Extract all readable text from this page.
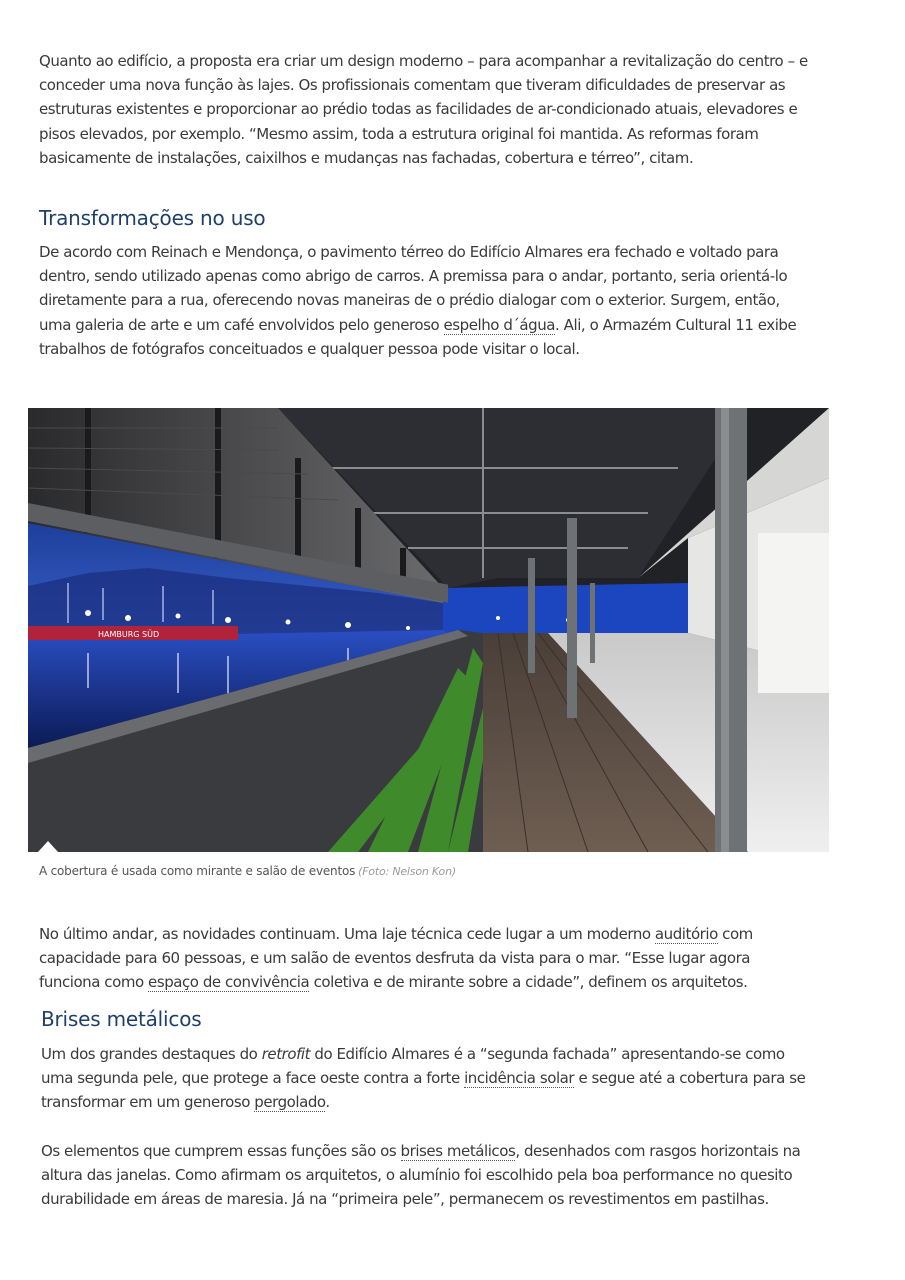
Quanto ao edifício, a proposta era criar um design moderno – para acompanhar a revitalização do centro – e conceder uma nova função às lajes. Os profissionais comentam que tiveram dificuldades de preservar as estruturas existentes e proporcionar ao prédio todas as facilidades de ar-condicionado atuais, elevadores e pisos elevados, por exemplo. “Mesmo assim, toda a estrutura original foi mantida. As reformas foram basicamente de instalações, caixilhos e mudanças nas fachadas, cobertura e térreo”, citam.

Transformações no uso

De acordo com Reinach e Mendonça, o pavimento térreo do Edifício Almares era fechado e voltado para dentro, sendo utilizado apenas como abrigo de carros. A premissa para o andar, portanto, seria orientá-lo diretamente para a rua, oferecendo novas maneiras de o prédio dialogar com o exterior. Surgem, então, uma galeria de arte e um café envolvidos pelo generoso espelho d´água. Ali, o Armazém Cultural 11 exibe trabalhos de fotógrafos conceituados e qualquer pessoa pode visitar o local.

HAMBURG SÜD
A cobertura é usada como mirante e salão de eventos (Foto: Nelson Kon)

No último andar, as novidades continuam. Uma laje técnica cede lugar a um moderno auditório com capacidade para 60 pessoas, e um salão de eventos desfruta da vista para o mar. “Esse lugar agora funciona como espaço de convivência coletiva e de mirante sobre a cidade”, definem os arquitetos.

Brises metálicos

Um dos grandes destaques do retrofit do Edifício Almares é a “segunda fachada” apresentando-se como uma segunda pele, que protege a face oeste contra a forte incidência solar e segue até a cobertura para se transformar em um generoso pergolado.

Os elementos que cumprem essas funções são os brises metálicos, desenhados com rasgos horizontais na altura das janelas. Como afirmam os arquitetos, o alumínio foi escolhido pela boa performance no quesito durabilidade em áreas de maresia. Já na “primeira pele”, permanecem os revestimentos em pastilhas.
